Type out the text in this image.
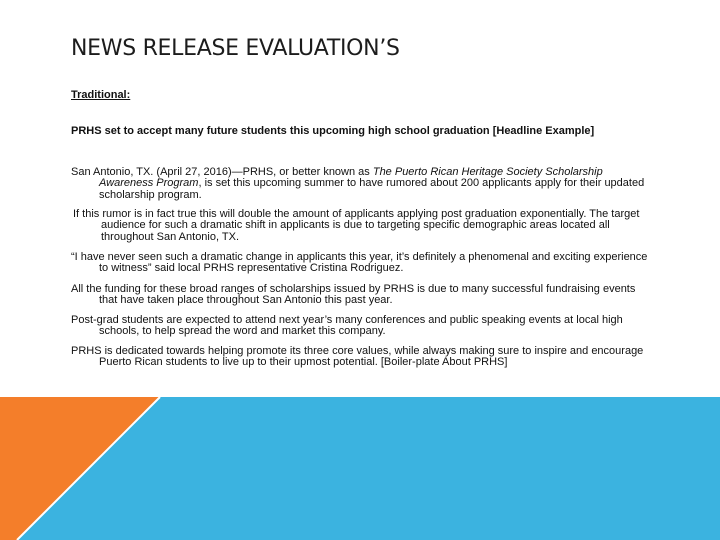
NEWS RELEASE EVALUATION’S

Traditional:

PRHS set to accept many future students this upcoming high school graduation [Headline Example]

San Antonio, TX. (April 27, 2016)—PRHS, or better known as The Puerto Rican Heritage Society Scholarship Awareness Program, is set this upcoming summer to have rumored about 200 applicants apply for their updated scholarship program.

If this rumor is in fact true this will double the amount of applicants applying post graduation exponentially. The target audience for such a dramatic shift in applicants is due to targeting specific demographic areas located all throughout San Antonio, TX.

“I have never seen such a dramatic change in applicants this year, it’s definitely a phenomenal and exciting experience to witness” said local PRHS representative Cristina Rodriguez.

All the funding for these broad ranges of scholarships issued by PRHS is due to many successful fundraising events that have taken place throughout San Antonio this past year.

Post-grad students are expected to attend next year’s many conferences and public speaking events at local high schools, to help spread the word and market this company.

PRHS is dedicated towards helping promote its three core values, while always making sure to inspire and encourage Puerto Rican students to live up to their upmost potential. [Boiler-plate About PRHS]
